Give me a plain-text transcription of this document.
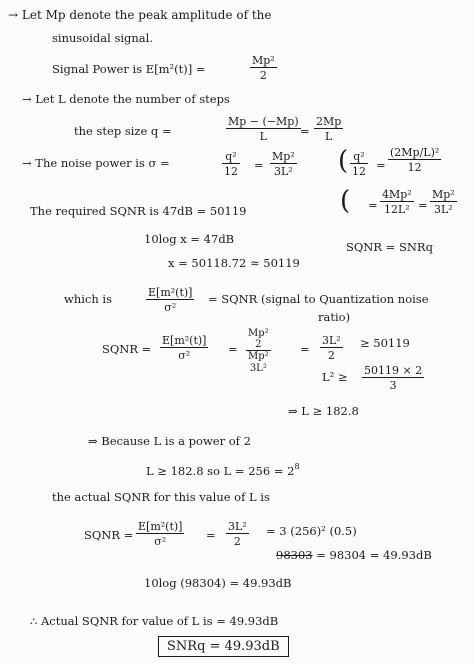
→ Let Mp denote the peak amplitude of the
sinusoidal signal.
Signal Power is E[m²(t)] =	$\frac{\text{Mp²}}{2}$
→ Let L denote the number of steps
the step size q =	$\frac{Mp - (-Mp)}{L} = \frac{2Mp}{L}$
→ The noise power is σ =	$\frac{\text{q²}}{12} = \frac{\text{Mp²}}{\text{3L²}}$ ( $\frac{\text{q²}}{12} = \frac{\text{(2Mp/L)²}}{12}$
( = $\frac{\text{4Mp²}}{\text{12L²}} = \frac{\text{Mp²}}{\text{3L²}}$
The required SQNR is 47dB = 50119
10log x = 47dB
SQNR = SNRq
x = 50118.72 ≈ 50119
which is	$\frac{\text{E[m²(t)]}}{\text{σ²}}$ = SQNR (signal to Quantization noise
ratio)
SQNR = $\frac{\text{E[m²(t)]}}{\text{σ²}}$ =
Mp²
2
Mp²
3L²
= $\frac{\text{3L²}}{2} \ge 50119$
$L^2 \ge \frac{50119 \times 2}{3}$
⇒ L ≥ 182.8
⇒ Because L is a power of 2
L ≥ 182.8 so $L = 256 = 2^8$
the actual SQNR for this value of L is
SQNR = $\frac{\text{E[m²(t)]}}{\text{σ²}} = \frac{\text{3L²}}{2} = 3$ (256)² (0.5)
98303 = 98304 = 49.93dB
10log (98304) = 49.93dB
∴ Actual SQNR for value of L is = 49.93dB
SNRq = 49.93dB
